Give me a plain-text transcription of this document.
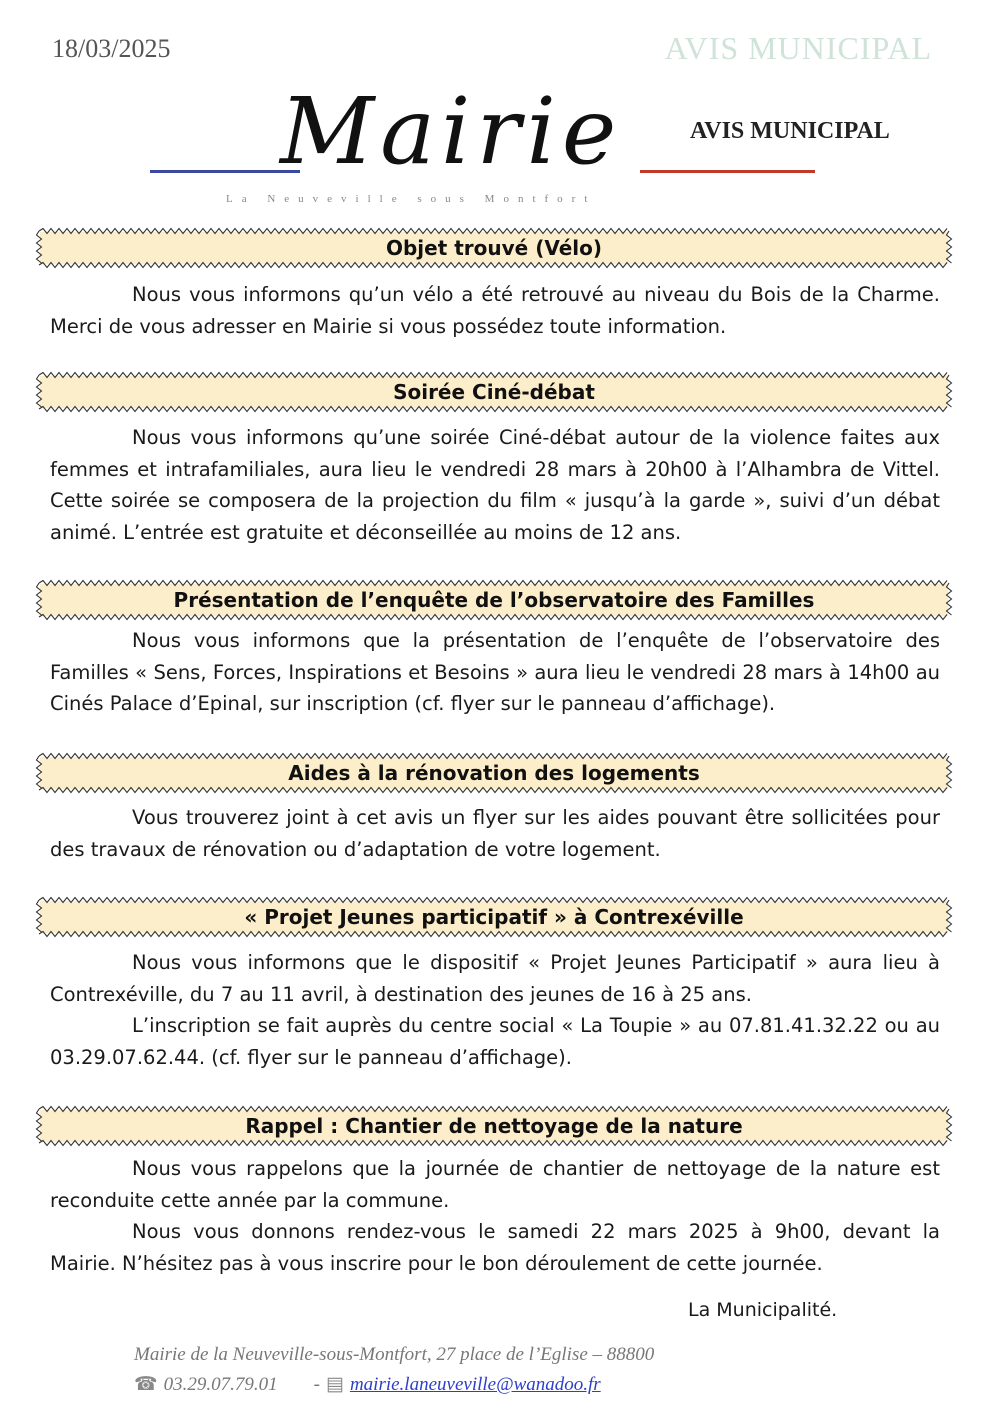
18/03/2025	AVIS MUNICIPAL
Mairie
La Neuveville sous Montfort
AVIS MUNICIPAL
Objet trouvé (Vélo)

Nous vous informons qu’un vélo a été retrouvé au niveau du Bois de la Charme. Merci de vous adresser en Mairie si vous possédez toute information.

Soirée Ciné-débat

Nous vous informons qu’une soirée Ciné-débat autour de la violence faites aux femmes et intrafamiliales, aura lieu le vendredi 28 mars à 20h00 à l’Alhambra de Vittel. Cette soirée se composera de la projection du film « jusqu’à la garde », suivi d’un débat animé. L’entrée est gratuite et déconseillée au moins de 12 ans.

Présentation de l’enquête de l’observatoire des Familles

Nous vous informons que la présentation de l’enquête de l’observatoire des Familles « Sens, Forces, Inspirations et Besoins » aura lieu le vendredi 28 mars à 14h00 au Cinés Palace d’Epinal, sur inscription (cf. flyer sur le panneau d’affichage).

Aides à la rénovation des logements

Vous trouverez joint à cet avis un flyer sur les aides pouvant être sollicitées pour des travaux de rénovation ou d’adaptation de votre logement.

« Projet Jeunes participatif » à Contrexéville

Nous vous informons que le dispositif « Projet Jeunes Participatif » aura lieu à Contrexéville, du 7 au 11 avril, à destination des jeunes de 16 à 25 ans.

L’inscription se fait auprès du centre social « La Toupie » au 07.81.41.32.22 ou au 03.29.07.62.44. (cf. flyer sur le panneau d’affichage).

Rappel : Chantier de nettoyage de la nature

Nous vous rappelons que la journée de chantier de nettoyage de la nature est reconduite cette année par la commune.

Nous vous donnons rendez-vous le samedi 22 mars 2025 à 9h00, devant la Mairie. N’hésitez pas à vous inscrire pour le bon déroulement de cette journée.

La Municipalité.
Mairie de la Neuveville-sous-Montfort, 27 place de l’Eglise – 88800
☎ 03.29.07.79.01 - ▤ mairie.laneuveville@wanadoo.fr
